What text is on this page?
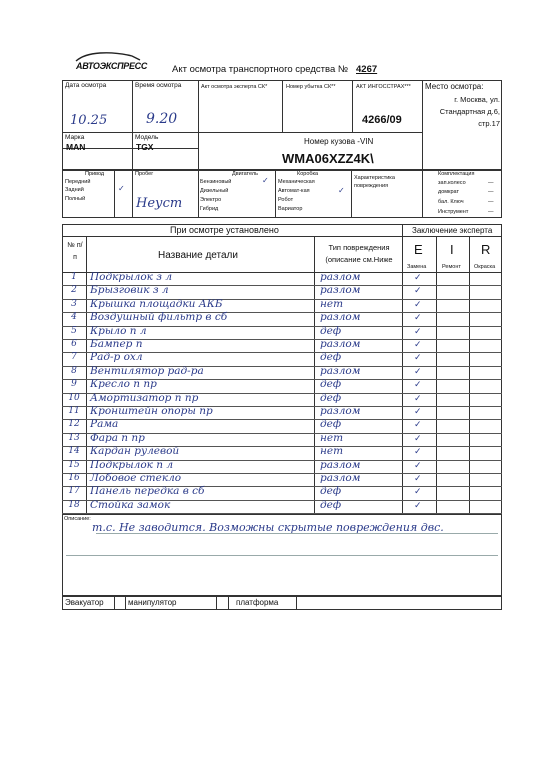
АВТОЭКСПРЕСС	Акт осмотра транспортного средства № 4267
Дата осмотра
10.25
Время осмотра
9.20
Акт осмотра эксперта СК*	Номер убытка СК**	АКТ ИНГОССТРАХ***
4266/09
Место осмотра:
г. Москва, ул. Стандартная д.6, стр.17
Марка
MAN
Модель
TGX
Номер кузова -VIN
WMA06XZZ4K\
Привод
Передний
Задний	✓
Полный
Пробег
Неуст
Двигатель
Бензиновый	✓
Дизельный
Электро
Гибрид
Коробка
Механическая
Автомат-кая	✓
Робот
Вариатор
Характеристика повреждения
Комплектация
зап.колесо	—
домкрат	—
бал. Ключ	—
Инструмент	—
При осмотре установлено	Заключение эксперта
№ п/п	Название детали
Тип повреждения (описание см.Ниже
E I R
Замена	Ремонт Окраска
1	Подкрылок з л	разлом	✓
2	Брызговик з л	разлом	✓
3	Крышка площадки АКБ	нет	✓
4	Воздушный фильтр в сб	разлом	✓
5	Крыло п л	деф	✓
6	Бампер п	разлом	✓
7	Рад-р охл	деф	✓
8	Вентилятор рад-ра	разлом	✓
9	Кресло п пр	деф	✓
10 Амортизатор п пр	деф	✓
11 Кронштейн опоры пр	разлом	✓
12 Рама	деф	✓
13 Фара п пр	нет	✓
14 Кардан рулевой	нет	✓
15 Подкрылок п л	разлом	✓
16 Лобовое стекло	разлом	✓
17 Панель передка в сб	деф	✓
18 Стойка замок	деф	✓
Описание:
т.с. Не заводится. Возможны скрытые повреждения двс.
Эвакуатор	манипулятор	платформа
